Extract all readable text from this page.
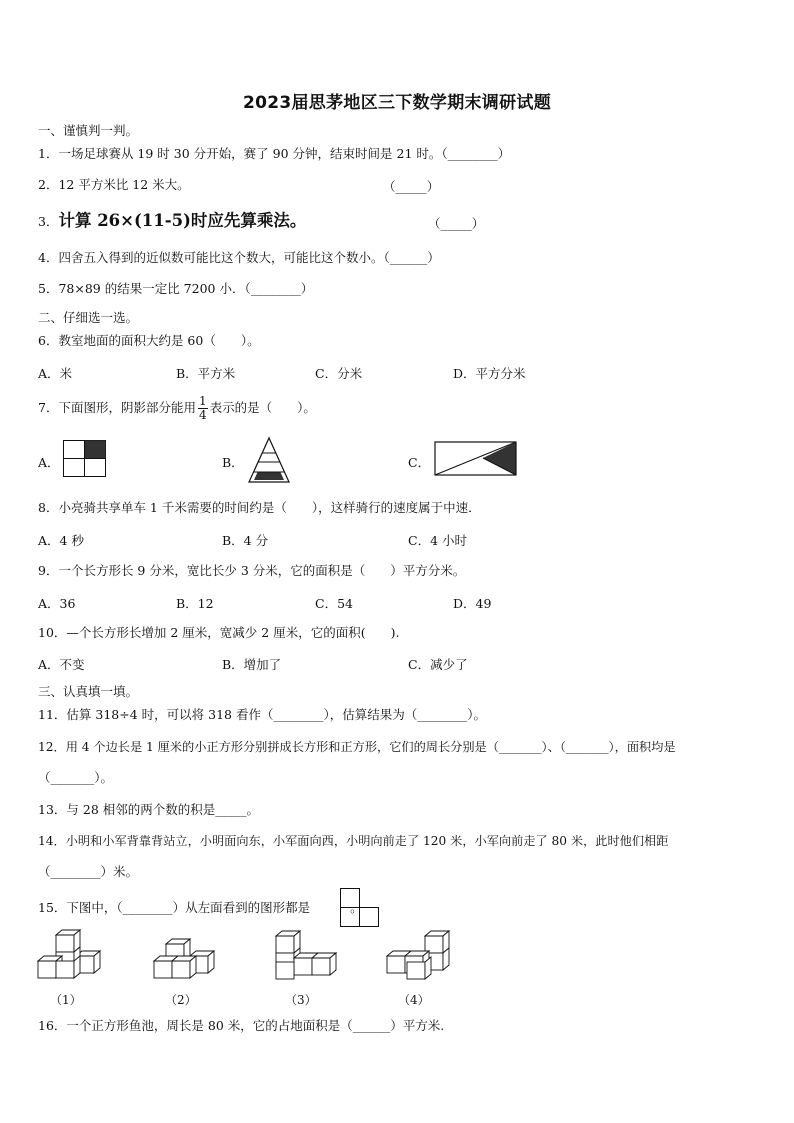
2023届思茅地区三下数学期末调研试题
一、谨慎判一判。
1．一场足球赛从 19 时 30 分开始，赛了 90 分钟，结束时间是 21 时。（________）
2．12 平方米比 12 米大。	（_____）
3．计算 26×(11-5)时应先算乘法。	（_____）
4．四舍五入得到的近似数可能比这个数大，可能比这个数小。（______）
5．78×89 的结果一定比 7200 小．（________）
二、仔细选一选。
6．教室地面的面积大约是 60（　　）。
A．米	B．平方米	C．分米	D．平方分米
7．下面图形，阴影部分能用 $\frac{1}{4}$ 表示的是（　　）。
A．	B．	C．
8．小亮骑共享单车 1 千米需要的时间约是（　　），这样骑行的速度属于中速．
A．4 秒	B．4 分	C．4 小时
9．一个长方形长 9 分米，宽比长少 3 分米，它的面积是（　　）平方分米。
A．36	B．12	C．54	D．49
10．—个长方形长增加 2 厘米，宽减少 2 厘米，它的面积(　　).
A．不变	B．增加了	C．减少了
三、认真填一填。
11．估算 318÷4 时，可以将 318 看作（________），估算结果为（________）。
12．用 4 个边长是 1 厘米的小正方形分别拼成长方形和正方形，它们的周长分别是（_______）、（_______），面积均是
（_______）。
13．与 28 相邻的两个数的积是_____。
14．小明和小军背靠背站立，小明面向东，小军面向西，小明向前走了 120 米，小军向前走了 80 米，此时他们相距
（________）米。
15．下图中，（________）从左面看到的图形都是	。
（1）	（2）	（3）	（4）
16．一个正方形鱼池，周长是 80 米，它的占地面积是（______）平方米.
